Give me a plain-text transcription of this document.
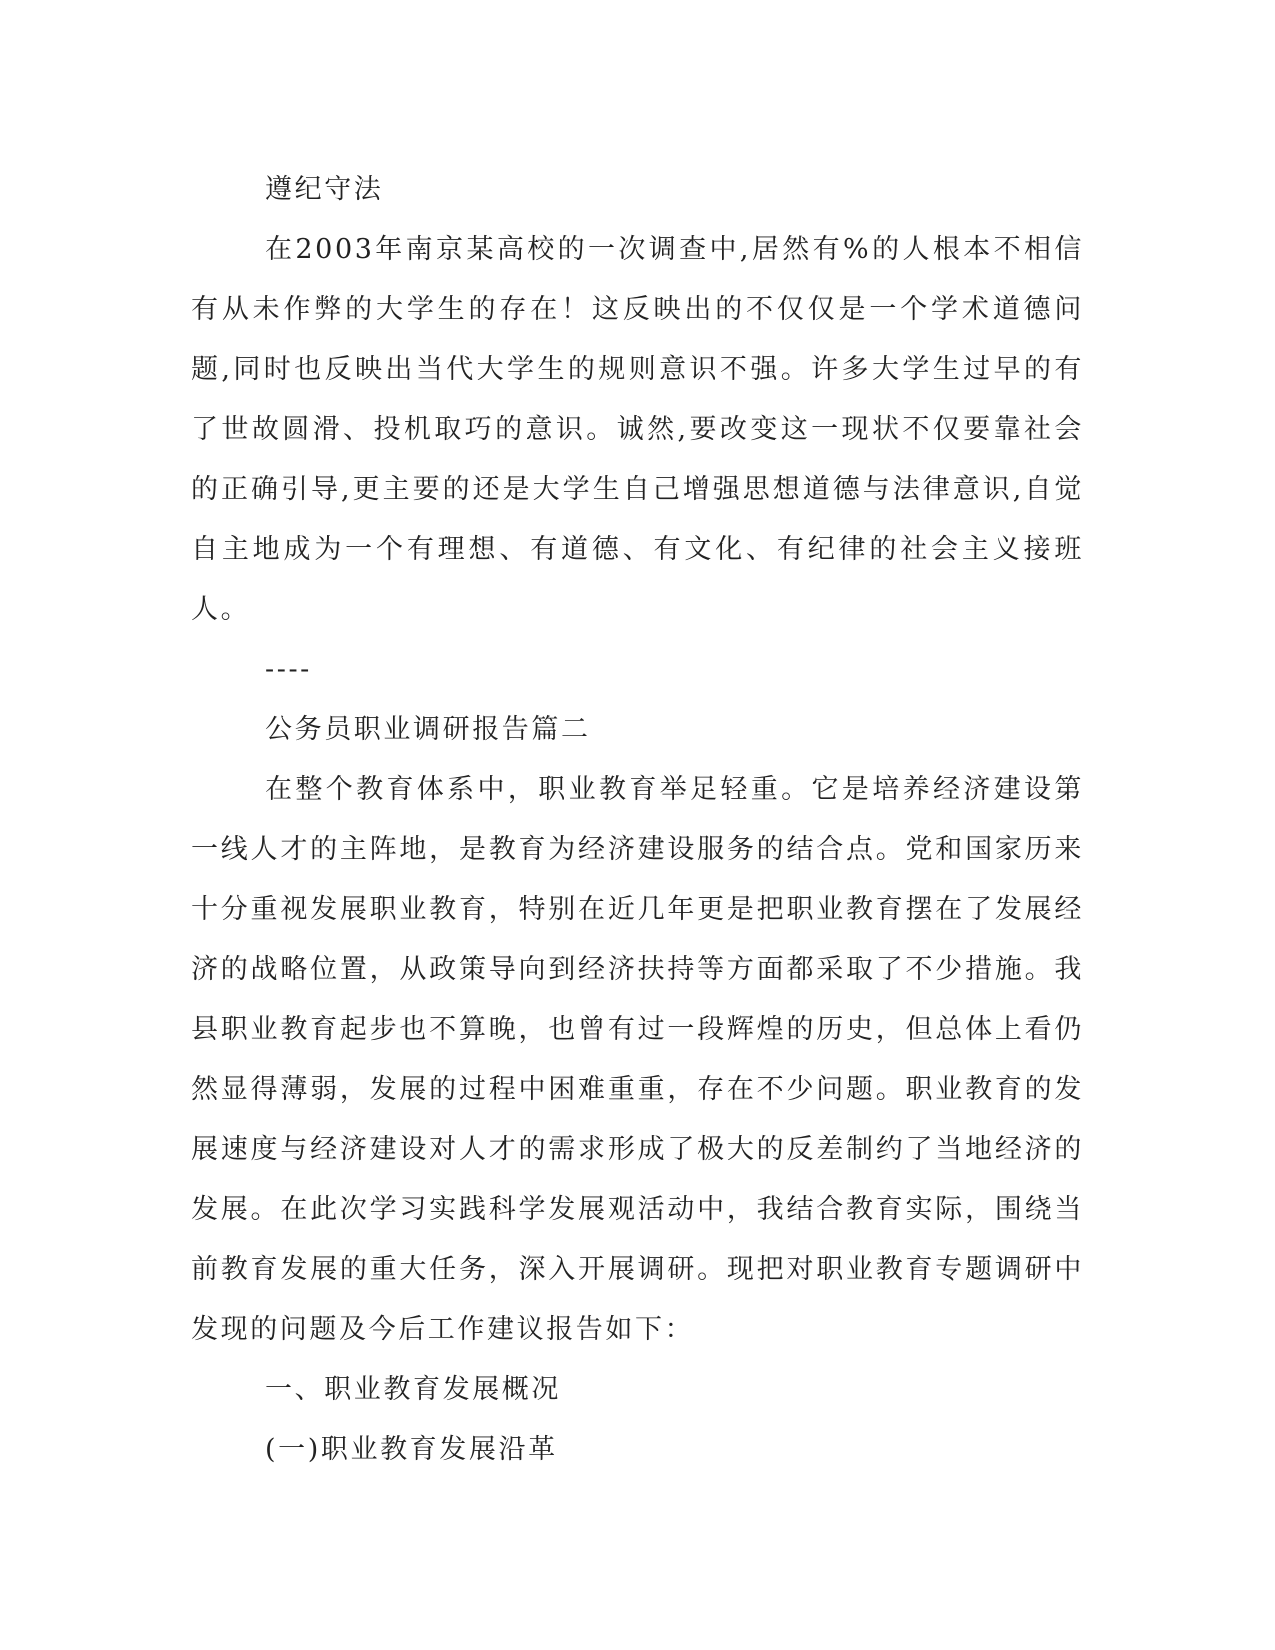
遵纪守法

在2003年南京某高校的一次调查中,居然有%的人根本不相信有从未作弊的大学生的存在！这反映出的不仅仅是一个学术道德问题,同时也反映出当代大学生的规则意识不强。许多大学生过早的有了世故圆滑、投机取巧的意识。诚然,要改变这一现状不仅要靠社会的正确引导,更主要的还是大学生自己增强思想道德与法律意识,自觉自主地成为一个有理想、有道德、有文化、有纪律的社会主义接班人。

----

公务员职业调研报告篇二

在整个教育体系中，职业教育举足轻重。它是培养经济建设第一线人才的主阵地，是教育为经济建设服务的结合点。党和国家历来十分重视发展职业教育，特别在近几年更是把职业教育摆在了发展经济的战略位置，从政策导向到经济扶持等方面都采取了不少措施。我县职业教育起步也不算晚，也曾有过一段辉煌的历史，但总体上看仍然显得薄弱，发展的过程中困难重重，存在不少问题。职业教育的发展速度与经济建设对人才的需求形成了极大的反差制约了当地经济的发展。在此次学习实践科学发展观活动中，我结合教育实际，围绕当前教育发展的重大任务，深入开展调研。现把对职业教育专题调研中发现的问题及今后工作建议报告如下：

一、职业教育发展概况

(一)职业教育发展沿革
